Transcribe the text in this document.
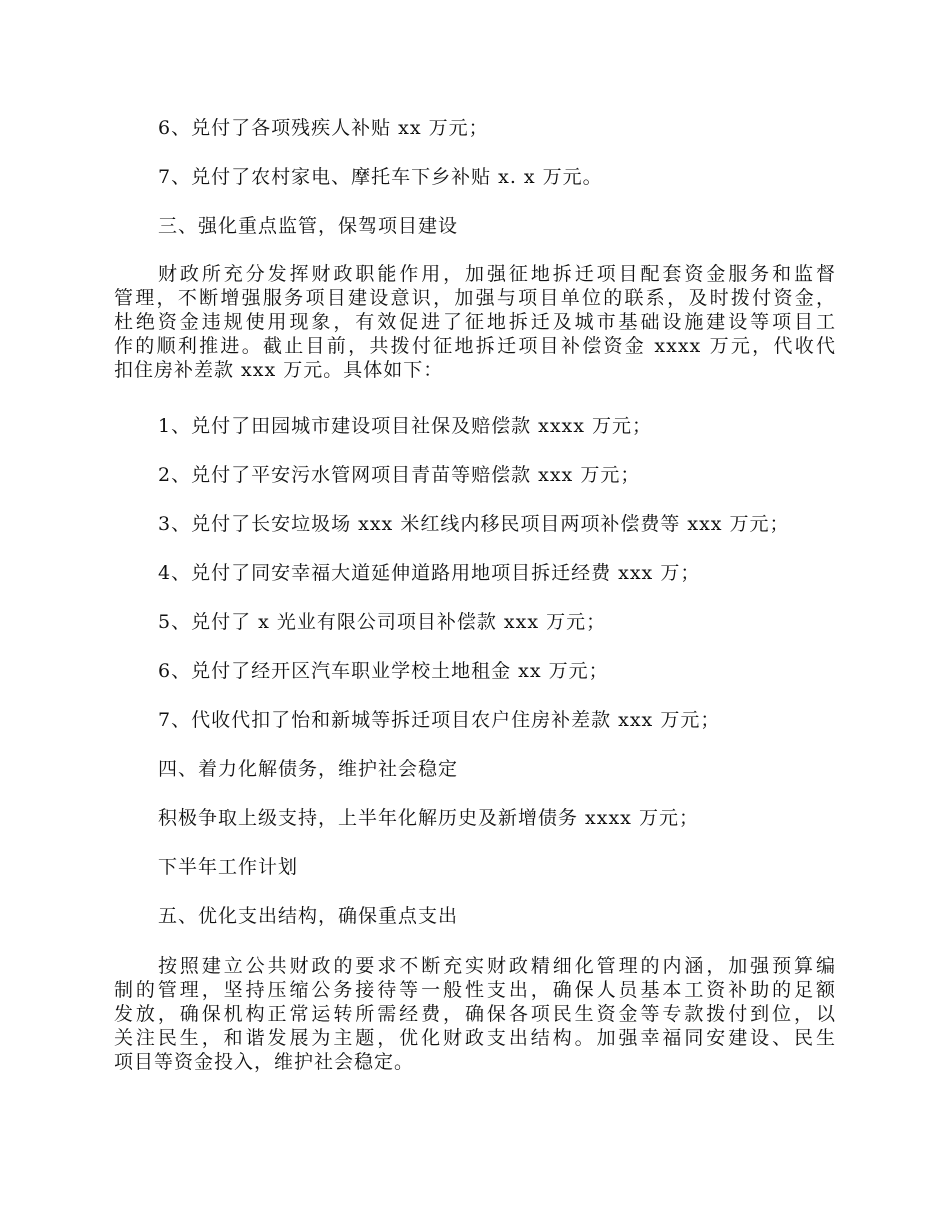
6、兑付了各项残疾人补贴 xx 万元；
7、兑付了农村家电、摩托车下乡补贴 x. x 万元。
三、强化重点监管，保驾项目建设
财政所充分发挥财政职能作用，加强征地拆迁项目配套资金服务和监督
管理，不断增强服务项目建设意识，加强与项目单位的联系，及时拨付资金，
杜绝资金违规使用现象，有效促进了征地拆迁及城市基础设施建设等项目工
作的顺利推进。截止目前，共拨付征地拆迁项目补偿资金 xxxx 万元，代收代
扣住房补差款 xxx 万元。具体如下：
1、兑付了田园城市建设项目社保及赔偿款 xxxx 万元；
2、兑付了平安污水管网项目青苗等赔偿款 xxx 万元；
3、兑付了长安垃圾场 xxx 米红线内移民项目两项补偿费等 xxx 万元；
4、兑付了同安幸福大道延伸道路用地项目拆迁经费 xxx 万；
5、兑付了 x 光业有限公司项目补偿款 xxx 万元；
6、兑付了经开区汽车职业学校土地租金 xx 万元；
7、代收代扣了怡和新城等拆迁项目农户住房补差款 xxx 万元；
四、着力化解债务，维护社会稳定
积极争取上级支持，上半年化解历史及新增债务 xxxx 万元；
下半年工作计划
五、优化支出结构，确保重点支出
按照建立公共财政的要求不断充实财政精细化管理的内涵，加强预算编
制的管理，坚持压缩公务接待等一般性支出，确保人员基本工资补助的足额
发放，确保机构正常运转所需经费，确保各项民生资金等专款拨付到位，以
关注民生，和谐发展为主题，优化财政支出结构。加强幸福同安建设、民生
项目等资金投入，维护社会稳定。
